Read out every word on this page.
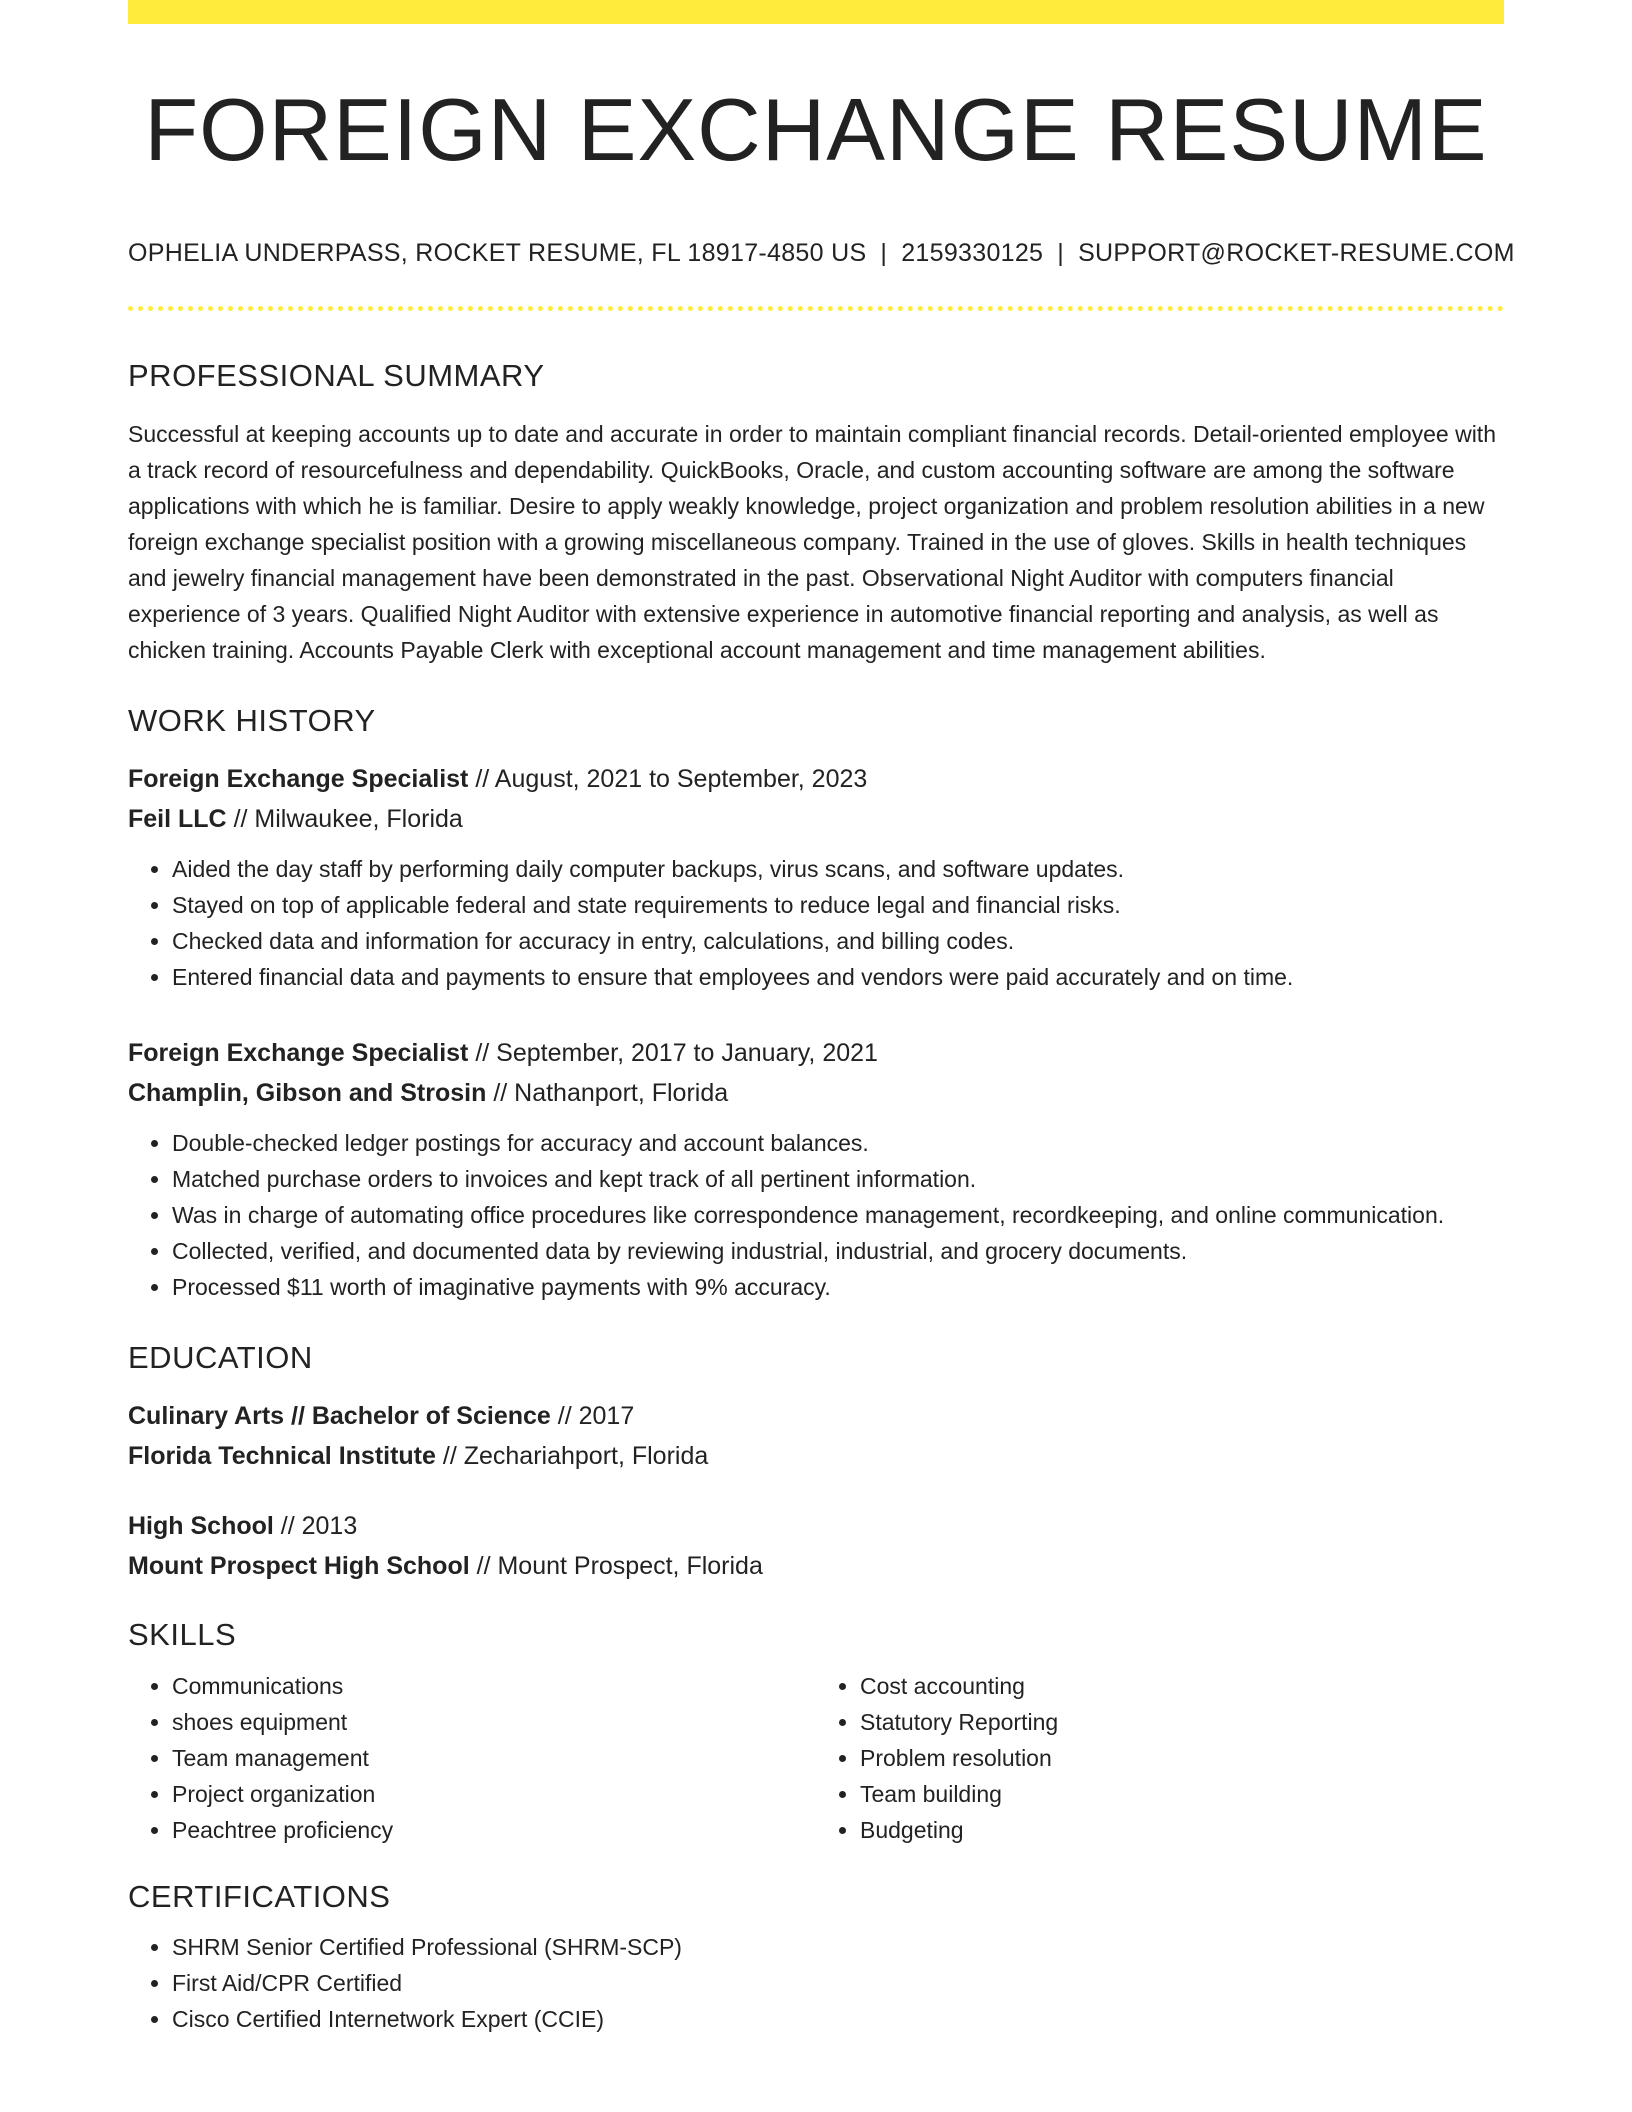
FOREIGN EXCHANGE RESUME
OPHELIA UNDERPASS, ROCKET RESUME, FL 18917-4850 US | 2159330125 | SUPPORT@ROCKET-RESUME.COM
PROFESSIONAL SUMMARY

Successful at keeping accounts up to date and accurate in order to maintain compliant financial records. Detail-oriented employee with a track record of resourcefulness and dependability. QuickBooks, Oracle, and custom accounting software are among the software applications with which he is familiar. Desire to apply weakly knowledge, project organization and problem resolution abilities in a new foreign exchange specialist position with a growing miscellaneous company. Trained in the use of gloves. Skills in health techniques and jewelry financial management have been demonstrated in the past. Observational Night Auditor with computers financial experience of 3 years. Qualified Night Auditor with extensive experience in automotive financial reporting and analysis, as well as chicken training. Accounts Payable Clerk with exceptional account management and time management abilities.

WORK HISTORY
Foreign Exchange Specialist // August, 2021 to September, 2023
Feil LLC // Milwaukee, Florida
• Aided the day staff by performing daily computer backups, virus scans, and software updates.
• Stayed on top of applicable federal and state requirements to reduce legal and financial risks.
• Checked data and information for accuracy in entry, calculations, and billing codes.
• Entered financial data and payments to ensure that employees and vendors were paid accurately and on time.
Foreign Exchange Specialist // September, 2017 to January, 2021
Champlin, Gibson and Strosin // Nathanport, Florida
• Double-checked ledger postings for accuracy and account balances.
• Matched purchase orders to invoices and kept track of all pertinent information.
• Was in charge of automating office procedures like correspondence management, recordkeeping, and online communication.
• Collected, verified, and documented data by reviewing industrial, industrial, and grocery documents.
• Processed $11 worth of imaginative payments with 9% accuracy.
EDUCATION
Culinary Arts // Bachelor of Science // 2017
Florida Technical Institute // Zechariahport, Florida
High School // 2013
Mount Prospect High School // Mount Prospect, Florida
SKILLS
• Communications
• shoes equipment
• Team management
• Project organization
• Peachtree proficiency
• Cost accounting
• Statutory Reporting
• Problem resolution
• Team building
• Budgeting
CERTIFICATIONS
• SHRM Senior Certified Professional (SHRM-SCP)
• First Aid/CPR Certified
• Cisco Certified Internetwork Expert (CCIE)
